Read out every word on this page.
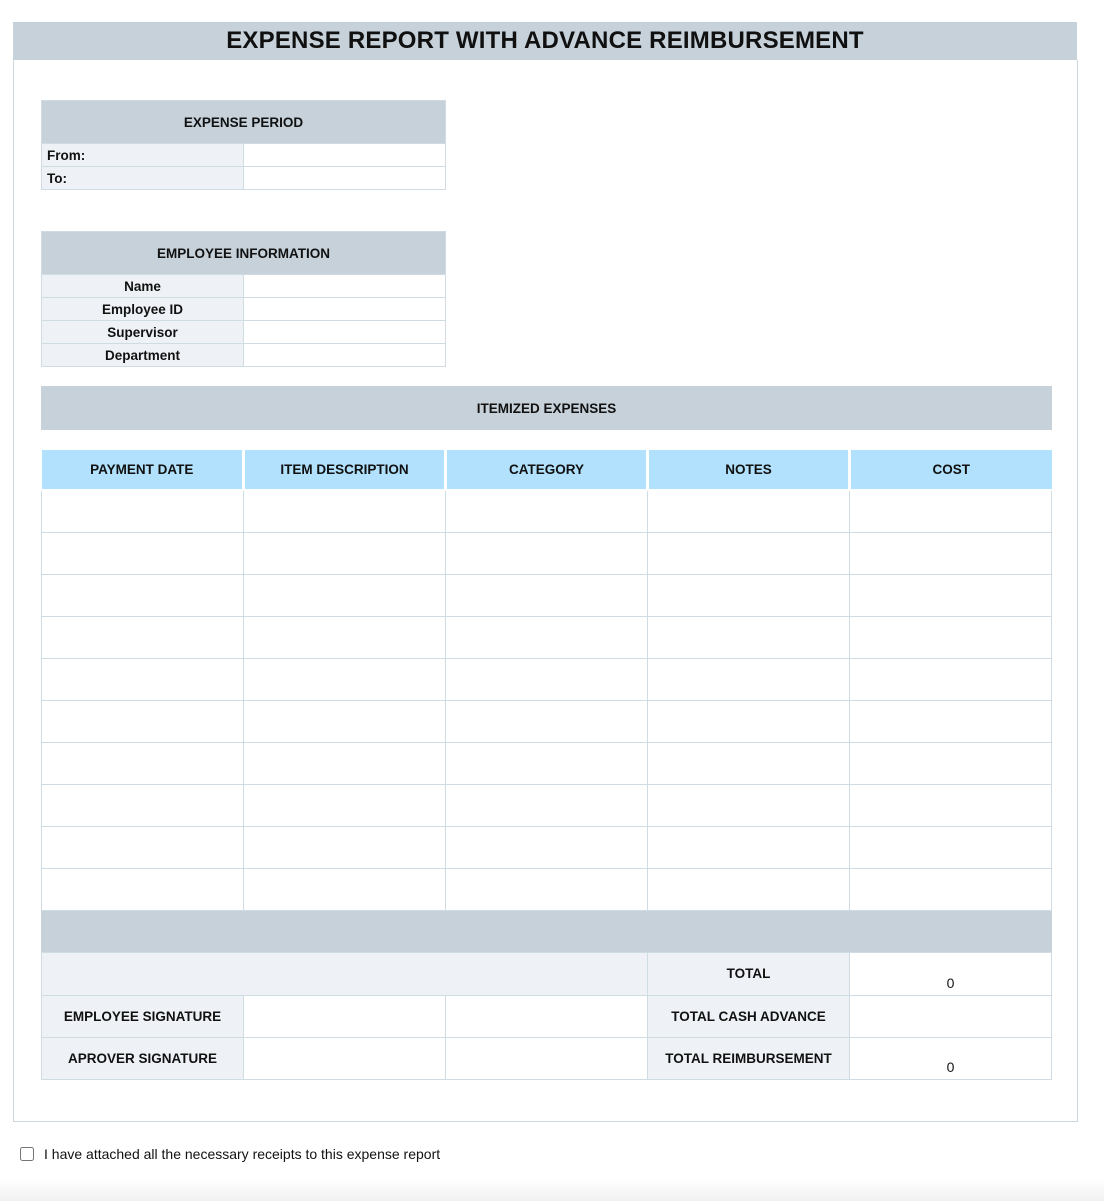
EXPENSE REPORT WITH ADVANCE REIMBURSEMENT
EXPENSE PERIOD	
From:	
To:	
EMPLOYEE INFORMATION	
Name	
Employee ID	
Supervisor	
Department	
ITEMIZED EXPENSES
PAYMENT DATE	ITEM DESCRIPTION	CATEGORY	NOTES	COST

			TOTAL	0
EMPLOYEE SIGNATURE			TOTAL CASH ADVANCE	
APROVER SIGNATURE			TOTAL REIMBURSEMENT	0
I have attached all the necessary receipts to this expense report
